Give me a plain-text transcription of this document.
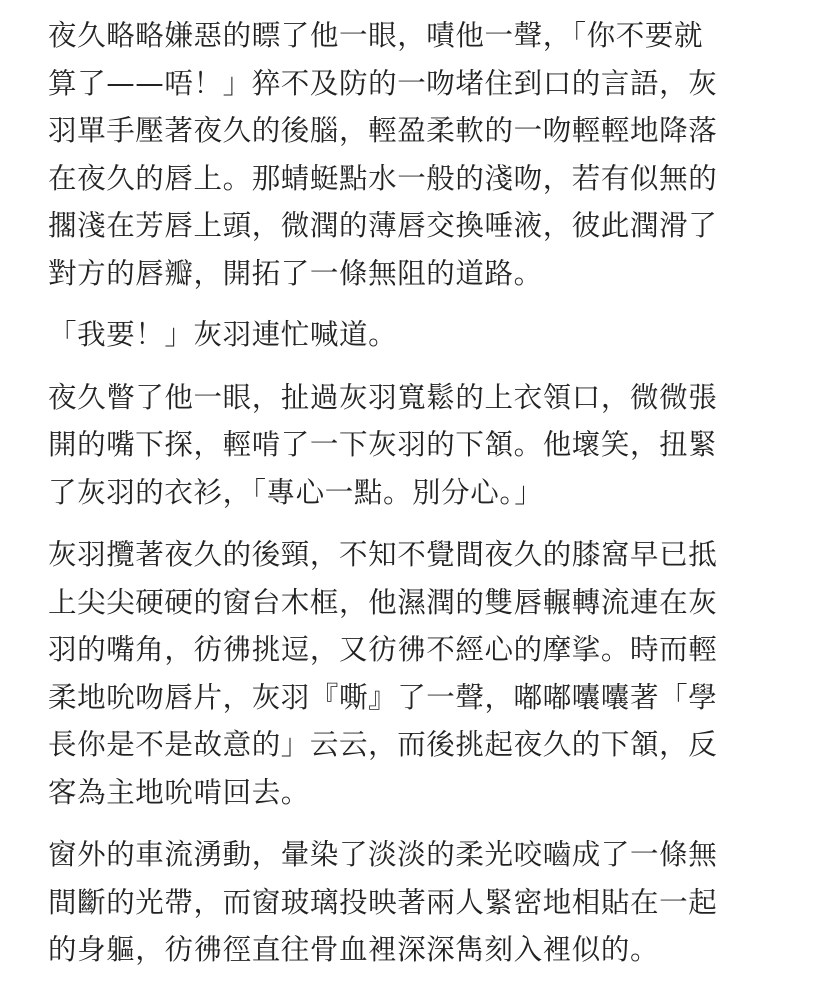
夜久略略嫌惡的瞟了他一眼，嘖他一聲，「你不要就
算了——唔！」猝不及防的一吻堵住到口的言語，灰
羽單手壓著夜久的後腦，輕盈柔軟的一吻輕輕地降落
在夜久的唇上。那蜻蜓點水一般的淺吻，若有似無的
擱淺在芳唇上頭，微潤的薄唇交換唾液，彼此潤滑了
對方的唇瓣，開拓了一條無阻的道路。

「我要！」灰羽連忙喊道。

夜久瞥了他一眼，扯過灰羽寬鬆的上衣領口，微微張
開的嘴下探，輕啃了一下灰羽的下頷。他壞笑，扭緊
了灰羽的衣衫，「專心一點。別分心。」

灰羽攬著夜久的後頸，不知不覺間夜久的膝窩早已抵
上尖尖硬硬的窗台木框，他濕潤的雙唇輾轉流連在灰
羽的嘴角，彷彿挑逗，又彷彿不經心的摩挲。時而輕
柔地吮吻唇片，灰羽『嘶』了一聲，嘟嘟囔囔著「學
長你是不是故意的」云云，而後挑起夜久的下頷，反
客為主地吮啃回去。

窗外的車流湧動，暈染了淡淡的柔光咬嚙成了一條無
間斷的光帶，而窗玻璃投映著兩人緊密地相貼在一起
的身軀，彷彿徑直往骨血裡深深雋刻入裡似的。
